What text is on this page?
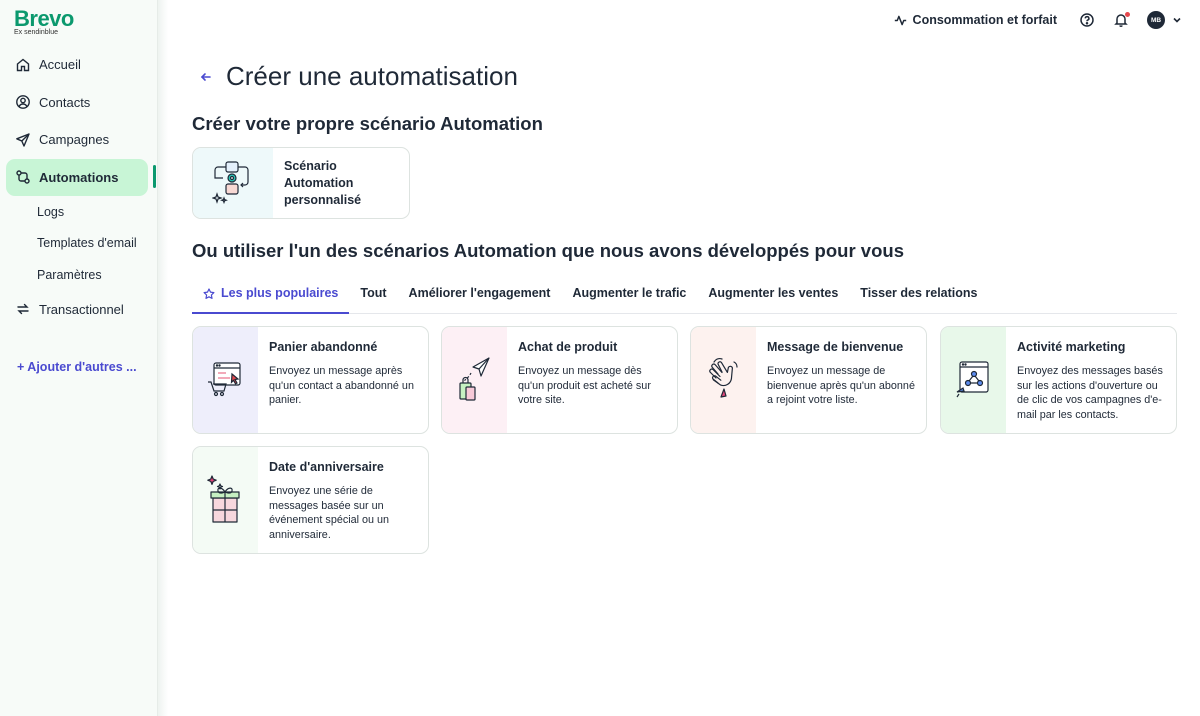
Brevo
Ex sendinblue
Accueil
Contacts
Campagnes
Automations
Logs
Templates d'email
Paramètres
Transactionnel
+ Ajouter d'autres ...
Consommation et forfait	MB
Créer une automatisation
Créer votre propre scénario Automation
Scénario
Automation
personnalisé
Ou utiliser l'un des scénarios Automation que nous avons développés pour vous
Les plus populaires	Tout	Améliorer l'engagement	Augmenter le trafic	Augmenter les ventes	Tisser des relations
Panier abandonné
Envoyez un message après qu'un contact a abandonné un panier.
Achat de produit
Envoyez un message dès qu'un produit est acheté sur votre site.
Message de bienvenue
Envoyez un message de bienvenue après qu'un abonné a rejoint votre liste.
Activité marketing
Envoyez des messages basés sur les actions d'ouverture ou de clic de vos campagnes d'e-mail par les contacts.
Date d'anniversaire
Envoyez une série de messages basée sur un événement spécial ou un anniversaire.
